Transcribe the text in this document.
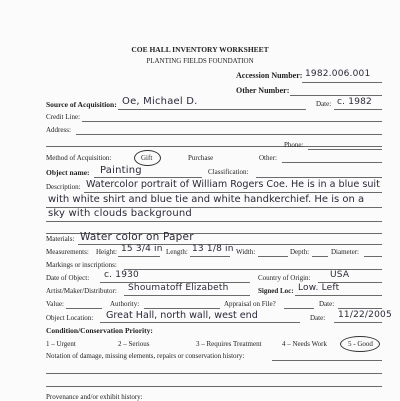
COE HALL INVENTORY WORKSHEET
PLANTING FIELDS FOUNDATION
Accession Number: 1982.006.001
Other Number:
Source of Acquisition: Oe, Michael D.	Date: c. 1982
Credit Line:
Address:
Phone:
Method of Acquisition:	Gift	Purchase	Other:
Object name: Painting	Classification:
Description: Watercolor portrait of William Rogers Coe. He is in a blue suit
with white shirt and blue tie and white handkerchief. He is on a
sky with clouds background
Materials: Water color on Paper
Measurements: Height: 15 3/4 in Length: 13 1/8 in Width:	Depth:	Diameter:
Markings or inscriptions:
Date of Object: c. 1930	Country of Origin: USA
Artist/Maker/Distributor: Shoumatoff Elizabeth	Signed Loc: Low. Left
Value:	Authority:	Appraisal on File?	Date:
Object Location: Great Hall, north wall, west end	Date: 11/22/2005
Condition/Conservation Priority:
1 – Urgent	2 – Serious	3 – Requires Treatment	4 – Needs Work	5 - Good
Notation of damage, missing elements, repairs or conservation history:
Provenance and/or exhibit history:
